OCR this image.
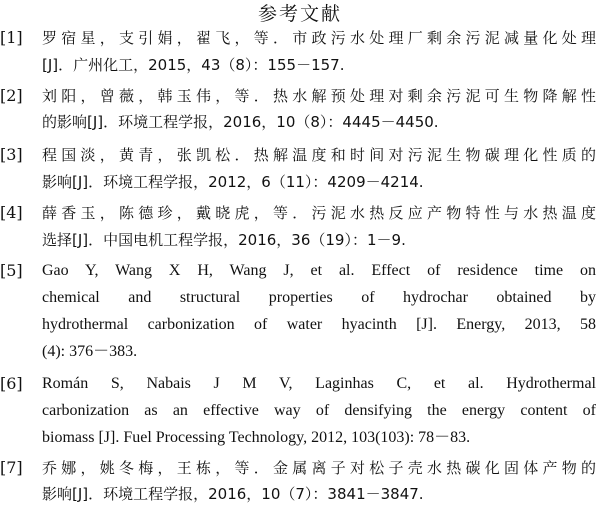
参考文献
[1] 罗宿星，支引娟，翟飞，等．市政污水处理厂剩余污泥减量化处理
[J]．广州化工，2015，43（8）：155－157.
[2] 刘阳，曾薇，韩玉伟，等．热水解预处理对剩余污泥可生物降解性
的影响[J]．环境工程学报，2016，10（8）：4445－4450.
[3] 程国淡，黄青，张凯松．热解温度和时间对污泥生物碳理化性质的
影响[J]．环境工程学报，2012，6（11）：4209－4214.
[4] 薛香玉，陈德珍，戴晓虎，等．污泥水热反应产物特性与水热温度
选择[J]．中国电机工程学报，2016，36（19）：1－9.
[5] Gao Y, Wang X H, Wang J, et al. Effect of residence time on
chemical and structural properties of hydrochar obtained by
hydrothermal carbonization of water hyacinth [J]. Energy, 2013, 58
(4): 376－383.
[6] Román S, Nabais J M V, Laginhas C, et al. Hydrothermal
carbonization as an effective way of densifying the energy content of
biomass [J]. Fuel Processing Technology, 2012, 103(103): 78－83.
[7] 乔娜，姚冬梅，王栋，等．金属离子对松子壳水热碳化固体产物的
影响[J]．环境工程学报，2016，10（7）：3841－3847.
